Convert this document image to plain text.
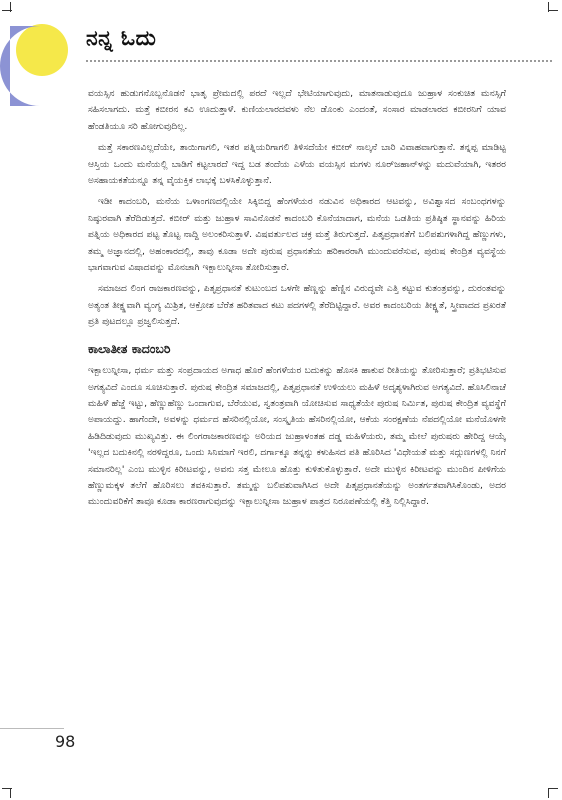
ನನ್ನ ಓದು

ವಯಸ್ಸಿನ ಹುಡುಗನೊಬ್ಬನೊಡನೆ ಭಾತೃ ಪ್ರೇಮದಲ್ಲಿ ಪರದೆ ಇಲ್ಲದೆ ಭೇಟಿಯಾಗುವುದು, ಮಾತನಾಡುವುದೂ ಜುಹ್ರಾಳ ಸಂಕುಚಿತ ಮನಸ್ಸಿಗೆ ಸಹಿಸಲಾಗದು. ಮತ್ತೆ ಕಬೀರನ ಕವಿ ಊದುತ್ತಾಳೆ. ಕುಣಿಯಲಾರದವಳು ನೆಲ ಡೊಂಕು ಎಂದಂತೆ, ಸಂಸಾರ ಮಾಡಲಾರದ ಕಬೀರನಿಗೆ ಯಾವ ಹೆಂಡತಿಯೂ ಸರಿ ಹೋಗುವುದಿಲ್ಲ.

ಮತ್ತೆ ಸಕಾರಣವಿಲ್ಲದೆಯೇ, ತಾಯಿಗಾಗಲಿ, ಇತರ ಪತ್ನಿಯರಿಗಾಗಲಿ ತಿಳಿಸದೆಯೇ ಕಬೀರ್ ನಾಲ್ಕನೆ ಬಾರಿ ವಿವಾಹವಾಗುತ್ತಾನೆ. ತನ್ನಪ್ಪ ಮಾಡಿಟ್ಟ ಆಸ್ತಿಯ ಒಂದು ಮನೆಯಲ್ಲಿ ಬಾಡಿಗೆ ಕಟ್ಟಲಾರದೆ ಇದ್ದ ಬಡ ತಂದೆಯ ಎಳೆಯ ವಯಸ್ಸಿನ ಮಗಳು ನೂರ್‌ಜಹಾನ್‌ಳನ್ನು ಮದುವೆಯಾಗಿ, ಇತರರ ಅಸಹಾಯಕತೆಯನ್ನೂ ತನ್ನ ವೈಯಕ್ತಿಕ ಲಾಭಕ್ಕೆ ಬಳಸಿಕೊಳ್ಳುತ್ತಾನೆ.

ಇಡೀ ಕಾದಂಬರಿ, ಮನೆಯ ಒಳಾಂಗಣದಲ್ಲಿಯೇ ಸಿಕ್ಕಿಬಿದ್ದ ಹೆಂಗಳೆಯರ ನಡುವಿನ ಅಧಿಕಾರದ ಆಟವನ್ನು, ಅವಿಶ್ವಾಸದ ಸಂಬಂಧಗಳನ್ನು ನಿಷ್ಠುರವಾಗಿ ತೆರೆದಿಡುತ್ತದೆ. ಕಬೀರ್ ಮತ್ತು ಜುಹ್ರಾಳ ಸಾವಿನೊಡನೆ ಕಾದಂಬರಿ ಕೊನೆಯಾದಾಗ, ಮನೆಯ ಒಡತಿಯ ಪ್ರತಿಷ್ಠಿತ ಸ್ಥಾನವನ್ನು ಹಿರಿಯ ಪತ್ನಿಯ ಅಧಿಕಾರದ ಪಟ್ಟ ತೊಟ್ಟ ನಾದ್ದಿ ಅಲಂಕರಿಸುತ್ತಾಳೆ. ವಿಷವರ್ತುಲದ ಚಕ್ರ ಮತ್ತೆ ತಿರುಗುತ್ತದೆ. ಪಿತೃಪ್ರಧಾನತೆಗೆ ಬಲಿಪಶುಗಳಾಗಿದ್ದ ಹೆಣ್ಣುಗಳು, ತಮ್ಮ ಅಜ್ಞಾನದಲ್ಲಿ, ಅಹಂಕಾರದಲ್ಲಿ, ತಾವು ಕೂಡಾ ಅದೇ ಪುರುಷ ಪ್ರಧಾನತೆಯ ಹರಿಕಾರರಾಗಿ ಮುಂದುವರೆಸುವ, ಪುರುಷ ಕೇಂದ್ರಿತ ವ್ಯವಸ್ಥೆಯ ಭಾಗವಾಗುವ ವಿಷಾದವನ್ನು ಮೊನಚಾಗಿ ಇಕ್ಬಾಲುನ್ನೀಸಾ ತೋರಿಸುತ್ತಾರೆ.

ಸಮಾಜದ ಲಿಂಗ ರಾಜಕಾರಣವನ್ನು, ಪಿತೃಪ್ರಧಾನತೆ ಕುಟುಂಬದ ಒಳಗೇ ಹೆಣ್ಣನ್ನು ಹೆಣ್ಣಿನ ವಿರುದ್ಧವೇ ಎತ್ತಿ ಕಟ್ಟುವ ಕುತಂತ್ರವನ್ನು, ದುರಂತವನ್ನು ಅತ್ಯಂತ ತೀಕ್ಷ್ಣವಾಗಿ ವ್ಯಂಗ್ಯ ಮಿಶ್ರಿತ, ಆಕ್ರೋಶ ಬೆರೆತ ಹರಿತವಾದ ಕಟು ಪದಗಳಲ್ಲಿ ತೆರೆದಿಟ್ಟಿದ್ದಾರೆ. ಅವರ ಕಾದಂಬರಿಯ ತೀಕ್ಷ್ಣತೆ, ಸ್ತ್ರೀವಾದದ ಪ್ರಖರತೆ ಪ್ರತಿ ಪುಟದಲ್ಲೂ ಪ್ರಜ್ವಲಿಸುತ್ತದೆ.

ಕಾಲಾತೀತ ಕಾದಂಬರಿ

ಇಕ್ಬಾಲುನ್ನೀಸಾ, ಧರ್ಮ ಮತ್ತು ಸಂಪ್ರದಾಯದ ಅಗಾಧ ಹೊರೆ ಹೆಂಗಳೆಯರ ಬದುಕನ್ನು ಹೊಸಕಿ ಹಾಕುವ ರೀತಿಯನ್ನು ತೋರಿಸುತ್ತಾರೆ; ಪ್ರತಿಭಟಿಸುವ ಅಗತ್ಯವಿದೆ ಎಂದೂ ಸೂಚಿಸುತ್ತಾರೆ. ಪುರುಷ ಕೇಂದ್ರಿತ ಸಮಾಜದಲ್ಲಿ, ಪಿತೃಪ್ರಧಾನತೆ ಉಳಿಯಲು ಮಹಿಳೆ ಅದೃಶ್ಯಳಾಗಿರುವ ಅಗತ್ಯವಿದೆ. ಹೊಸಿಲಿನಾಚೆ ಮಹಿಳೆ ಹೆಜ್ಜೆ ಇಟ್ಟು, ಹೆಣ್ಣುಹೆಣ್ಣು ಒಂದಾಗುವ, ಬೆರೆಯುವ, ಸ್ವತಂತ್ರವಾಗಿ ಯೋಚಿಸುವ ಸಾಧ್ಯತೆಯೇ ಪುರುಷ ನಿರ್ಮಿತ, ಪುರುಷ ಕೇಂದ್ರಿತ ವ್ಯವಸ್ಥೆಗೆ ಅಪಾಯದ್ದು. ಹಾಗೆಂದೇ, ಅವಳನ್ನು ಧರ್ಮದ ಹೆಸರಿನಲ್ಲಿಯೋ, ಸಂಸ್ಕೃತಿಯ ಹೆಸರಿನಲ್ಲಿಯೋ, ಆಕೆಯ ಸಂರಕ್ಷಣೆಯ ನೆಪದಲ್ಲಿಯೋ ಮನೆಯೊಳಗೇ ಹಿಡಿದಿಡುವುದು ಮುಖ್ಯವಿತ್ತು. ಈ ಲಿಂಗರಾಜಕಾರಣವನ್ನು ಅರಿಯದ ಜುಹ್ರಾಳಂತಹ ದಡ್ಡ ಮಹಿಳೆಯರು, ತಮ್ಮ ಮೇಲೆ ಪುರುಷರು ಹೇರಿದ್ದ ಆಯ್ಕೆ 'ಇಲ್ಲದ ಬದುಕಿನಲ್ಲಿ ನರಳಿದ್ದರೂ, ಒಂದು ಸಿನಿಮಾಗೆ ಇರಲಿ, ದರ್ಗಾಕ್ಕೂ ತನ್ನನ್ನು ಕಳುಹಿಸದ ಪತಿ ಹೊರಿಸಿದ 'ವಿಧೇಯತೆ ಮತ್ತು ಸದ್ಗುಣಗಳಲ್ಲಿ ನಿನಗೆ ಸಮಾನರಿಲ್ಲ' ಎಂಬ ಮುಳ್ಳಿನ ಕಿರೀಟವನ್ನು, ಅವನು ಸತ್ತ ಮೇಲೂ ಹೊತ್ತು ಕುಳಿತುಕೊಳ್ಳುತ್ತಾರೆ. ಅದೇ ಮುಳ್ಳಿನ ಕಿರೀಟವನ್ನು ಮುಂದಿನ ಪೀಳಿಗೆಯ ಹೆಣ್ಣುಮಕ್ಕಳ ತಲೆಗೆ ಹೊರಿಸಲು ತವಕಿಸುತ್ತಾರೆ. ತಮ್ಮನ್ನು ಬಲಿಪಶುವಾಗಿಸಿದ ಅದೇ ಪಿತೃಪ್ರಧಾನತೆಯನ್ನು ಅಂತರ್ಗತವಾಗಿಸಿಕೊಂಡು, ಅದರ ಮುಂದುವರಿಕೆಗೆ ತಾವೂ ಕೂಡಾ ಕಾರಣರಾಗುವುದನ್ನು ಇಕ್ಬಾಲುನ್ನೀಸಾ ಜುಹ್ರಾಳ ಪಾತ್ರದ ನಿರೂಪಣೆಯಲ್ಲಿ ಕೆತ್ತಿ ನಿಲ್ಲಿಸಿದ್ದಾರೆ.

98
